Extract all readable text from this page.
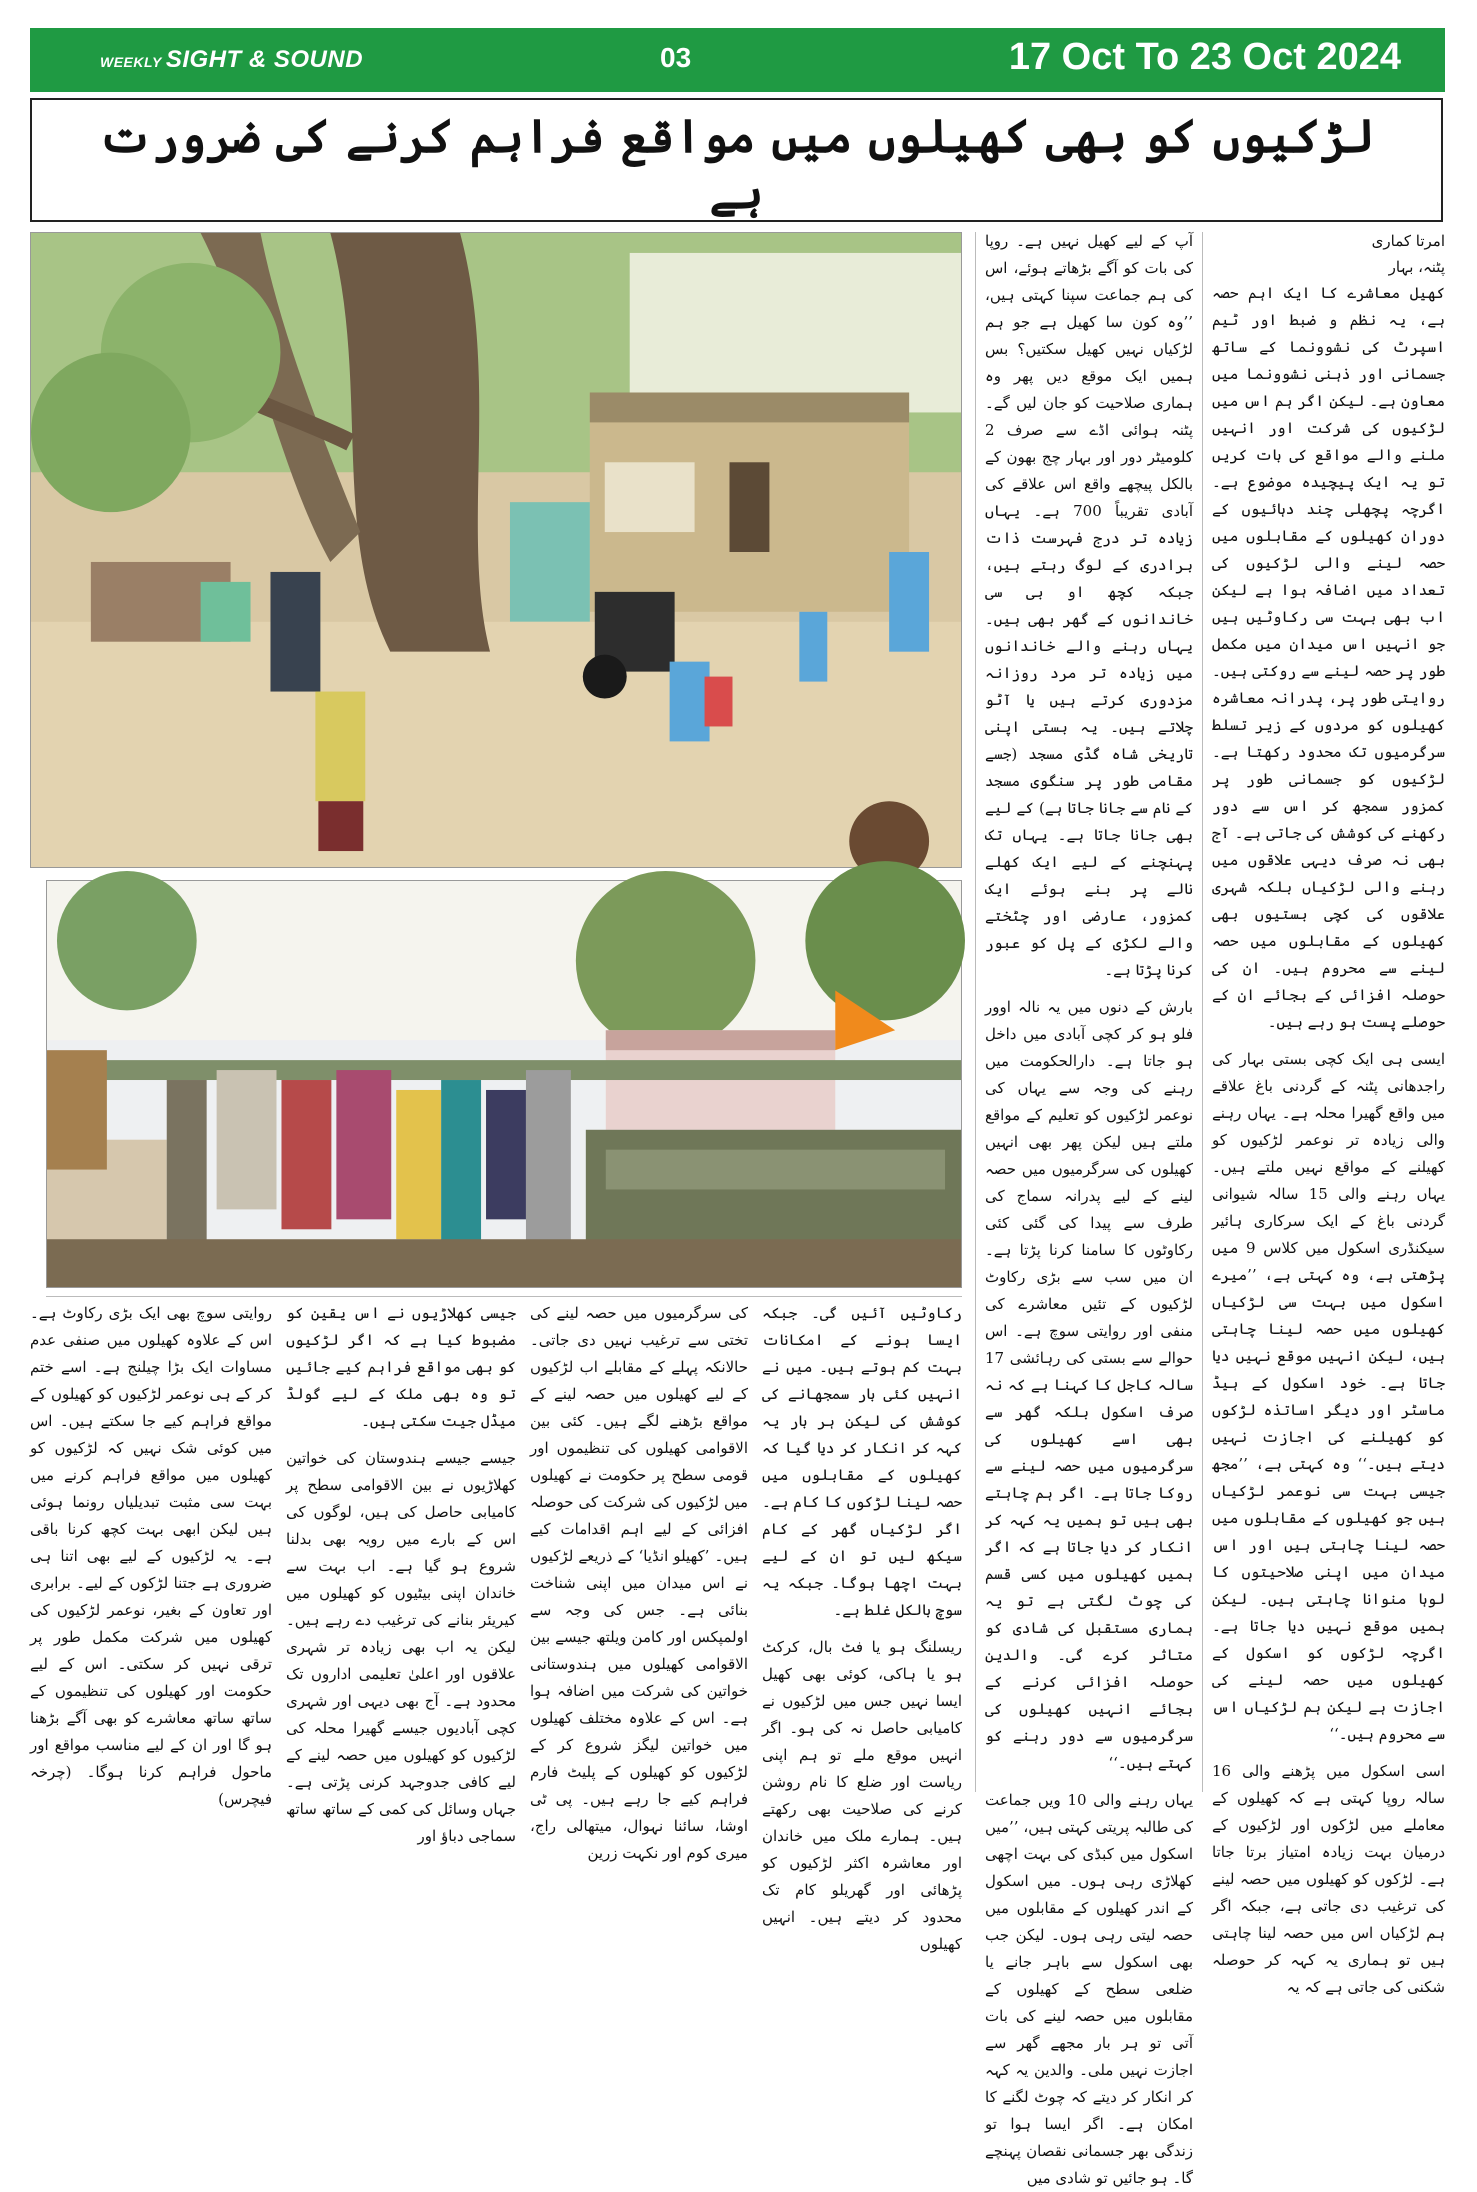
WEEKLY SIGHT & SOUND	03	17 Oct To 23 Oct 2024
لڑکیوں کو بھی کھیلوں میں مواقع فراہم کرنے کی ضرورت ہے
امرتا کماری
پٹنہ، بہار

کھیل معاشرے کا ایک اہم حصہ ہے، یہ نظم و ضبط اور ٹیم اسپرٹ کی نشوونما کے ساتھ جسمانی اور ذہنی نشوونما میں معاون ہے۔ لیکن اگر ہم اس میں لڑکیوں کی شرکت اور انہیں ملنے والے مواقع کی بات کریں تو یہ ایک پیچیدہ موضوع ہے۔ اگرچہ پچھلی چند دہائیوں کے دوران کھیلوں کے مقابلوں میں حصہ لینے والی لڑکیوں کی تعداد میں اضافہ ہوا ہے لیکن اب بھی بہت سی رکاوٹیں ہیں جو انہیں اس میدان میں مکمل طور پر حصہ لینے سے روکتی ہیں۔ روایتی طور پر، پدرانہ معاشرہ کھیلوں کو مردوں کے زیر تسلط سرگرمیوں تک محدود رکھتا ہے۔ لڑکیوں کو جسمانی طور پر کمزور سمجھ کر اس سے دور رکھنے کی کوشش کی جاتی ہے۔ آج بھی نہ صرف دیہی علاقوں میں رہنے والی لڑکیاں بلکہ شہری علاقوں کی کچی بستیوں بھی کھیلوں کے مقابلوں میں حصہ لینے سے محروم ہیں۔ ان کی حوصلہ افزائی کے بجائے ان کے حوصلے پست ہو رہے ہیں۔

ایسی ہی ایک کچی بستی بہار کی راجدھانی پٹنہ کے گردنی باغ علاقے میں واقع گھیرا محلہ ہے۔ یہاں رہنے والی زیادہ تر نوعمر لڑکیوں کو کھیلنے کے مواقع نہیں ملتے ہیں۔ یہاں رہنے والی 15 سالہ شیوانی گردنی باغ کے ایک سرکاری ہائیر سیکنڈری اسکول میں کلاس 9 میں پڑھتی ہے، وہ کہتی ہے، ’’میرے اسکول میں بہت سی لڑکیاں کھیلوں میں حصہ لینا چاہتی ہیں، لیکن انہیں موقع نہیں دیا جاتا ہے۔ خود اسکول کے ہیڈ ماسٹر اور دیگر اساتذہ لڑکوں کو کھیلنے کی اجازت نہیں دیتے ہیں۔‘‘ وہ کہتی ہے، ’’مجھ جیسی بہت سی نوعمر لڑکیاں ہیں جو کھیلوں کے مقابلوں میں حصہ لینا چاہتی ہیں اور اس میدان میں اپنی صلاحیتوں کا لوہا منوانا چاہتی ہیں۔ لیکن ہمیں موقع نہیں دیا جاتا ہے۔ اگرچہ لڑکوں کو اسکول کے کھیلوں میں حصہ لینے کی اجازت ہے لیکن ہم لڑکیاں اس سے محروم ہیں۔‘‘

اسی اسکول میں پڑھنے والی 16 سالہ روپا کہتی ہے کہ کھیلوں کے معاملے میں لڑکوں اور لڑکیوں کے درمیان بہت زیادہ امتیاز برتا جاتا ہے۔ لڑکوں کو کھیلوں میں حصہ لینے کی ترغیب دی جاتی ہے، جبکہ اگر ہم لڑکیاں اس میں حصہ لینا چاہتی ہیں تو ہماری یہ کہہ کر حوصلہ شکنی کی جاتی ہے کہ یہ

آپ کے لیے کھیل نہیں ہے۔ روپا کی بات کو آگے بڑھاتے ہوئے، اس کی ہم جماعت سپنا کہتی ہیں، ’’وہ کون سا کھیل ہے جو ہم لڑکیاں نہیں کھیل سکتیں؟ بس ہمیں ایک موقع دیں پھر وہ ہماری صلاحیت کو جان لیں گے۔ پٹنہ ہوائی اڈے سے صرف 2 کلومیٹر دور اور بہار چج بھون کے بالکل پیچھے واقع اس علاقے کی آبادی تقریباً 700 ہے۔ یہاں زیادہ تر درج فہرست ذات برادری کے لوگ رہتے ہیں، جبکہ کچھ او بی سی خاندانوں کے گھر بھی ہیں۔ یہاں رہنے والے خاندانوں میں زیادہ تر مرد روزانہ مزدوری کرتے ہیں یا آٹو چلاتے ہیں۔ یہ بستی اپنی تاریخی شاہ گڈی مسجد (جسے مقامی طور پر سنگوی مسجد کے نام سے جانا جاتا ہے) کے لیے بھی جانا جاتا ہے۔ یہاں تک پہنچنے کے لیے ایک کھلے نالے پر بنے ہوئے ایک کمزور، عارضی اور چٹختے والے لکڑی کے پل کو عبور کرنا پڑتا ہے۔

بارش کے دنوں میں یہ نالہ اوور فلو ہو کر کچی آبادی میں داخل ہو جاتا ہے۔ دارالحکومت میں رہنے کی وجہ سے یہاں کی نوعمر لڑکیوں کو تعلیم کے مواقع ملتے ہیں لیکن پھر بھی انہیں کھیلوں کی سرگرمیوں میں حصہ لینے کے لیے پدرانہ سماج کی طرف سے پیدا کی گئی کئی رکاوٹوں کا سامنا کرنا پڑتا ہے۔ ان میں سب سے بڑی رکاوٹ لڑکیوں کے تئیں معاشرے کی منفی اور روایتی سوچ ہے۔ اس حوالے سے بستی کی رہائشی 17 سالہ کاجل کا کہنا ہے کہ نہ صرف اسکول بلکہ گھر سے بھی اسے کھیلوں کی سرگرمیوں میں حصہ لینے سے روکا جاتا ہے۔ اگر ہم چاہتے بھی ہیں تو ہمیں یہ کہہ کر انکار کر دیا جاتا ہے کہ اگر ہمیں کھیلوں میں کسی قسم کی چوٹ لگتی ہے تو یہ ہماری مستقبل کی شادی کو متاثر کرے گی۔ والدین حوصلہ افزائی کرنے کے بجائے انہیں کھیلوں کی سرگرمیوں سے دور رہنے کو کہتے ہیں۔‘‘

یہاں رہنے والی 10 ویں جماعت کی طالبہ پریتی کہتی ہیں، ’’میں اسکول میں کبڈی کی بہت اچھی کھلاڑی رہی ہوں۔ میں اسکول کے اندر کھیلوں کے مقابلوں میں حصہ لیتی رہی ہوں۔ لیکن جب بھی اسکول سے باہر جانے یا ضلعی سطح کے کھیلوں کے مقابلوں میں حصہ لینے کی بات آتی تو ہر بار مجھے گھر سے اجازت نہیں ملی۔ والدین یہ کہہ کر انکار کر دیتے کہ چوٹ لگنے کا امکان ہے۔ اگر ایسا ہوا تو زندگی بھر جسمانی نقصان پہنچے گا۔ ہو جائیں تو شادی میں

رکاوٹیں آئیں گی۔ جبکہ ایسا ہونے کے امکانات بہت کم ہوتے ہیں۔ میں نے انہیں کئی بار سمجھانے کی کوشش کی لیکن ہر بار یہ کہہ کر انکار کر دیا گیا کہ کھیلوں کے مقابلوں میں حصہ لینا لڑکوں کا کام ہے۔ اگر لڑکیاں گھر کے کام سیکھ لیں تو ان کے لیے بہت اچھا ہوگا۔ جبکہ یہ سوچ بالکل غلط ہے۔

ریسلنگ ہو یا فٹ بال، کرکٹ ہو یا ہاکی، کوئی بھی کھیل ایسا نہیں جس میں لڑکیوں نے کامیابی حاصل نہ کی ہو۔ اگر انہیں موقع ملے تو ہم اپنی ریاست اور ضلع کا نام روشن کرنے کی صلاحیت بھی رکھتے ہیں۔ ہمارے ملک میں خاندان اور معاشرہ اکثر لڑکیوں کو پڑھائی اور گھریلو کام تک محدود کر دیتے ہیں۔ انہیں کھیلوں

کی سرگرمیوں میں حصہ لینے کی تختی سے ترغیب نہیں دی جاتی۔ حالانکہ پہلے کے مقابلے اب لڑکیوں کے لیے کھیلوں میں حصہ لینے کے مواقع بڑھنے لگے ہیں۔ کئی بین الاقوامی کھیلوں کی تنظیموں اور قومی سطح پر حکومت نے کھیلوں میں لڑکیوں کی شرکت کی حوصلہ افزائی کے لیے اہم اقدامات کیے ہیں۔ ’کھیلو انڈیا‘ کے ذریعے لڑکیوں نے اس میدان میں اپنی شناخت بنائی ہے۔ جس کی وجہ سے اولمپکس اور کامن ویلتھ جیسے بین الاقوامی کھیلوں میں ہندوستانی خواتین کی شرکت میں اضافہ ہوا ہے۔ اس کے علاوہ مختلف کھیلوں میں خواتین لیگز شروع کر کے لڑکیوں کو کھیلوں کے پلیٹ فارم فراہم کیے جا رہے ہیں۔ پی ٹی اوشا، سائنا نہوال، میتھالی راج، میری کوم اور نکہت زرین

جیسی کھلاڑیوں نے اس یقین کو مضبوط کیا ہے کہ اگر لڑکیوں کو بھی مواقع فراہم کیے جائیں تو وہ بھی ملک کے لیے گولڈ میڈل جیت سکتی ہیں۔

جیسے جیسے ہندوستان کی خواتین کھلاڑیوں نے بین الاقوامی سطح پر کامیابی حاصل کی ہیں، لوگوں کی اس کے بارے میں رویہ بھی بدلنا شروع ہو گیا ہے۔ اب بہت سے خاندان اپنی بیٹیوں کو کھیلوں میں کیریئر بنانے کی ترغیب دے رہے ہیں۔ لیکن یہ اب بھی زیادہ تر شہری علاقوں اور اعلیٰ تعلیمی اداروں تک محدود ہے۔ آج بھی دیہی اور شہری کچی آبادیوں جیسے گھیرا محلہ کی لڑکیوں کو کھیلوں میں حصہ لینے کے لیے کافی جدوجہد کرنی پڑتی ہے۔ جہاں وسائل کی کمی کے ساتھ ساتھ سماجی دباؤ اور

روایتی سوچ بھی ایک بڑی رکاوٹ ہے۔ اس کے علاوہ کھیلوں میں صنفی عدم مساوات ایک بڑا چیلنج ہے۔ اسے ختم کر کے ہی نوعمر لڑکیوں کو کھیلوں کے مواقع فراہم کیے جا سکتے ہیں۔ اس میں کوئی شک نہیں کہ لڑکیوں کو کھیلوں میں مواقع فراہم کرنے میں بہت سی مثبت تبدیلیاں رونما ہوئی ہیں لیکن ابھی بہت کچھ کرنا باقی ہے۔ یہ لڑکیوں کے لیے بھی اتنا ہی ضروری ہے جتنا لڑکوں کے لیے۔ برابری اور تعاون کے بغیر، نوعمر لڑکیوں کی کھیلوں میں شرکت مکمل طور پر ترقی نہیں کر سکتی۔ اس کے لیے حکومت اور کھیلوں کی تنظیموں کے ساتھ ساتھ معاشرے کو بھی آگے بڑھنا ہو گا اور ان کے لیے مناسب مواقع اور ماحول فراہم کرنا ہوگا۔ (چرخہ فیچرس)
